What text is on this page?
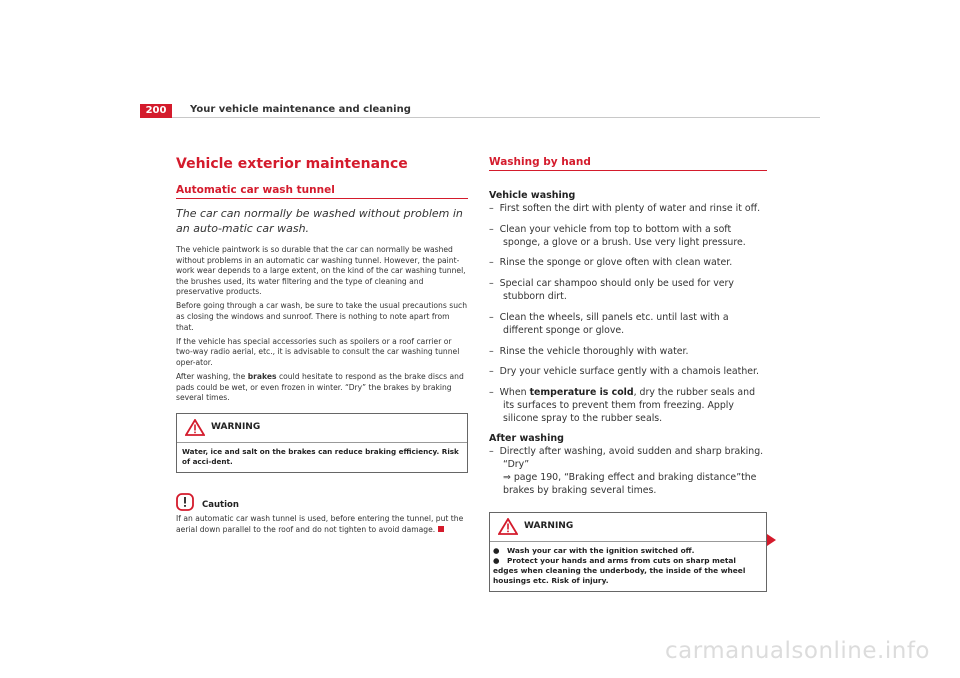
200	Your vehicle maintenance and cleaning
Vehicle exterior maintenance
Automatic car wash tunnel
The car can normally be washed without problem in an auto-matic car wash.

The vehicle paintwork is so durable that the car can normally be washed without problems in an automatic car washing tunnel. However, the paint-work wear depends to a large extent, on the kind of the car washing tunnel, the brushes used, its water filtering and the type of cleaning and preservative products.

Before going through a car wash, be sure to take the usual precautions such as closing the windows and sunroof. There is nothing to note apart from that.

If the vehicle has special accessories such as spoilers or a roof carrier or two-way radio aerial, etc., it is advisable to consult the car washing tunnel oper-ator.

After washing, the brakes could hesitate to respond as the brake discs and pads could be wet, or even frozen in winter. “Dry” the brakes by braking several times.

WARNING
Water, ice and salt on the brakes can reduce braking efficiency. Risk of acci-dent.
Caution

If an automatic car wash tunnel is used, before entering the tunnel, put the aerial down parallel to the roof and do not tighten to avoid damage.

Washing by hand
Vehicle washing
– First soften the dirt with plenty of water and rinse it off.
– Clean your vehicle from top to bottom with a soft sponge, a glove or a brush. Use very light pressure.
– Rinse the sponge or glove often with clean water.
– Special car shampoo should only be used for very stubborn dirt.
– Clean the wheels, sill panels etc. until last with a different sponge or glove.
– Rinse the vehicle thoroughly with water.
– Dry your vehicle surface gently with a chamois leather.
– When temperature is cold, dry the rubber seals and its surfaces to prevent them from freezing. Apply silicone spray to the rubber seals.
After washing
– Directly after washing, avoid sudden and sharp braking. “Dry”
⇒ page 190, “Braking effect and braking distance”the brakes by braking several times.
WARNING
● Wash your car with the ignition switched off.
● Protect your hands and arms from cuts on sharp metal edges when cleaning the underbody, the inside of the wheel housings etc. Risk of injury.
carmanualsonline.info
